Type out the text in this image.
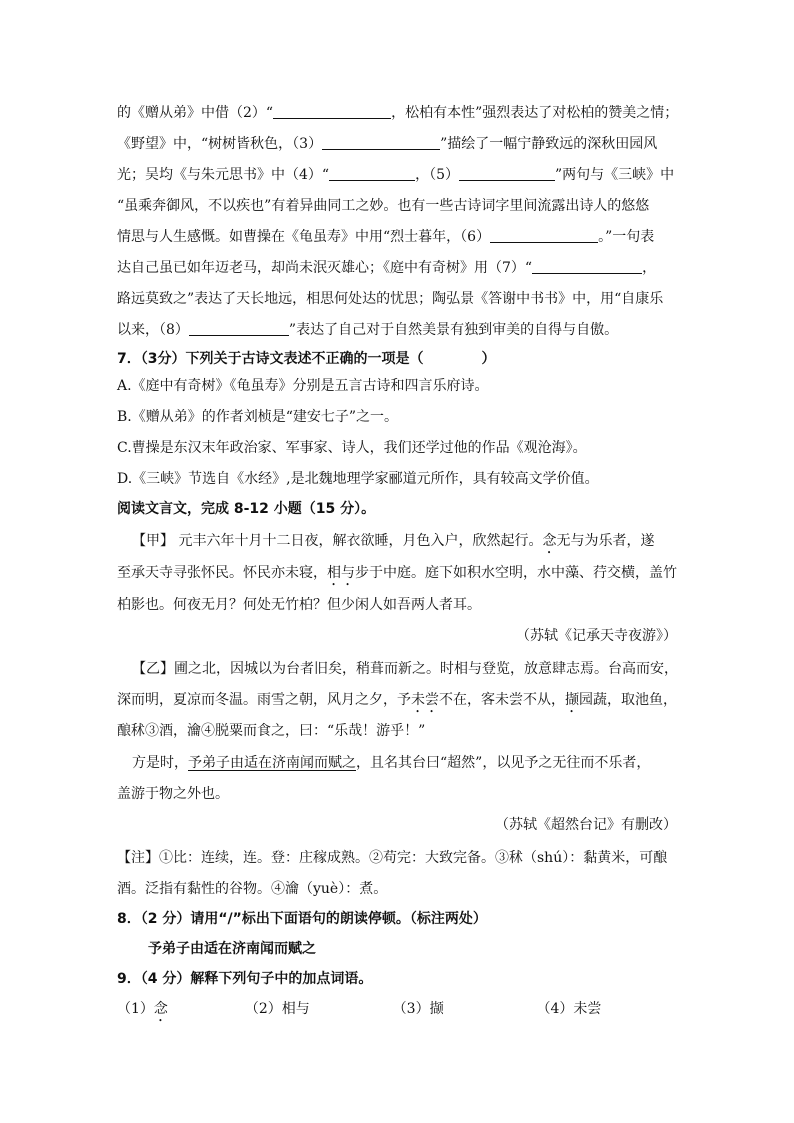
的《赠从弟》中借（2）“	，松柏有本性”强烈表达了对松柏的赞美之情；
《野望》中，“树树皆秋色，（3）	”描绘了一幅宁静致远的深秋田园风
光；吴均《与朱元思书》中（4）“	，（5）	”两句与《三峡》中
“虽乘奔御风，不以疾也”有着异曲同工之妙。也有一些古诗词字里间流露出诗人的悠悠
情思与人生感慨。如曹操在《龟虽寿》中用“烈士暮年，（6）	。”一句表
达自己虽已如年迈老马，却尚未泯灭雄心；《庭中有奇树》用（7）“	，
路远莫致之”表达了天长地远，相思何处达的忧思；陶弘景《答谢中书书》中，用“自康乐
以来，（8）	”表达了自己对于自然美景有独到审美的自得与自傲。
7．（3分）下列关于古诗文表述不正确的一项是（	）
A.《庭中有奇树》《龟虽寿》分别是五言古诗和四言乐府诗。
B.《赠从弟》的作者刘桢是“建安七子”之一。
C.曹操是东汉末年政治家、军事家、诗人，我们还学过他的作品《观沧海》。
D.《三峡》节选自《水经》,是北魏地理学家郦道元所作，具有较高文学价值。
阅读文言文，完成 8-12 小题（15 分）。
【甲】 元丰六年十月十二日夜，解衣欲睡，月色入户，欣然起行。念无与为乐者，遂
至承天寺寻张怀民。怀民亦未寝，相与步于中庭。庭下如积水空明，水中藻、荇交横，盖竹
柏影也。何夜无月？何处无竹柏？但少闲人如吾两人者耳。
（苏轼《记承天寺夜游》）
【乙】圃之北，因城以为台者旧矣，稍葺而新之。时相与登览，放意肆志焉。台高而安，
深而明，夏凉而冬温。雨雪之朝，风月之夕，予未尝不在，客未尝不从，撷园蔬，取池鱼，
酿秫③酒，瀹④脱粟而食之，曰：“乐哉！游乎！”
方是时，予弟子由适在济南闻而赋之，且名其台曰“超然”，以见予之无往而不乐者，
盖游于物之外也。
（苏轼《超然台记》有删改）
【注】①比：连续，连。登：庄稼成熟。②苟完：大致完备。③秫（shú）：黏黄米，可酿
酒。泛指有黏性的谷物。④瀹（yuè）：煮。
8．（2 分）请用“/”标出下面语句的朗读停顿。（标注两处）
予弟子由适在济南闻而赋之
9．（4 分）解释下列句子中的加点词语。
（1）念	（2）相与	（3）撷	（4）未尝
